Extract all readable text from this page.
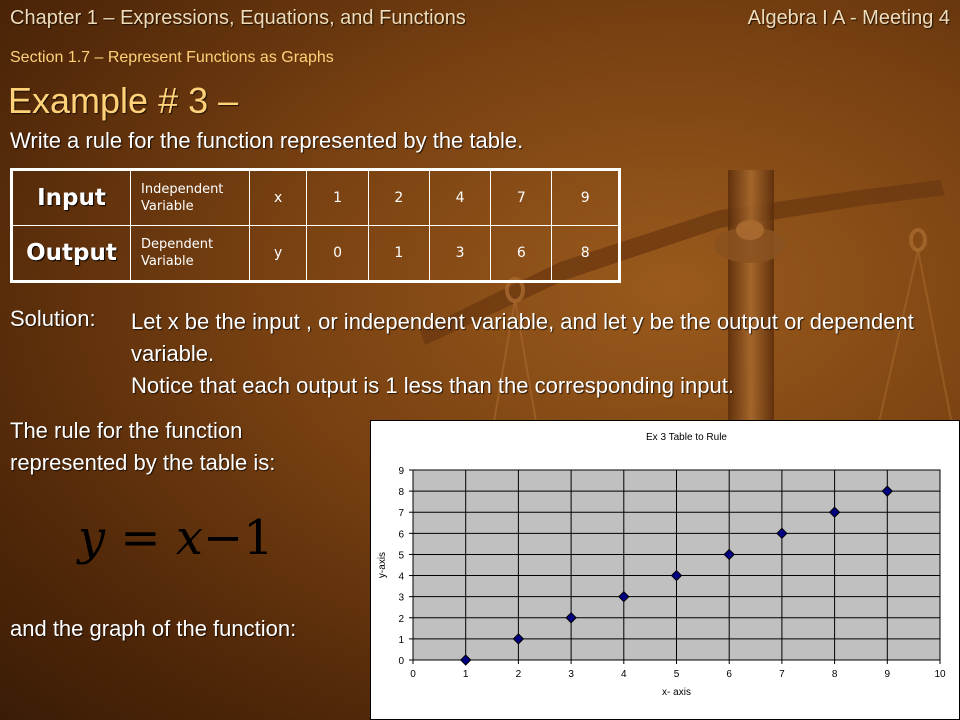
Chapter 1 – Expressions, Equations, and Functions	Algebra I A - Meeting 4
Section 1.7 – Represent Functions as Graphs
Example # 3 –
Write a rule for the function represented by the table.
Input	Independent Variable	x	1	2	4	7	9
Output	Dependent Variable	y	0	1	3	6	8
Solution: Let x be the input , or independent variable, and let y be the output or dependent variable.
Notice that each output is 1 less than the corresponding input.
The rule for the function
represented by the table is:
y = x−1
and the graph of the function:
0	1	2	3	4	5	6	7	8	9	10
0
1
2
3
4
5
6
7
8
9
Ex 3 Table to Rule
x- axis
y-axis
